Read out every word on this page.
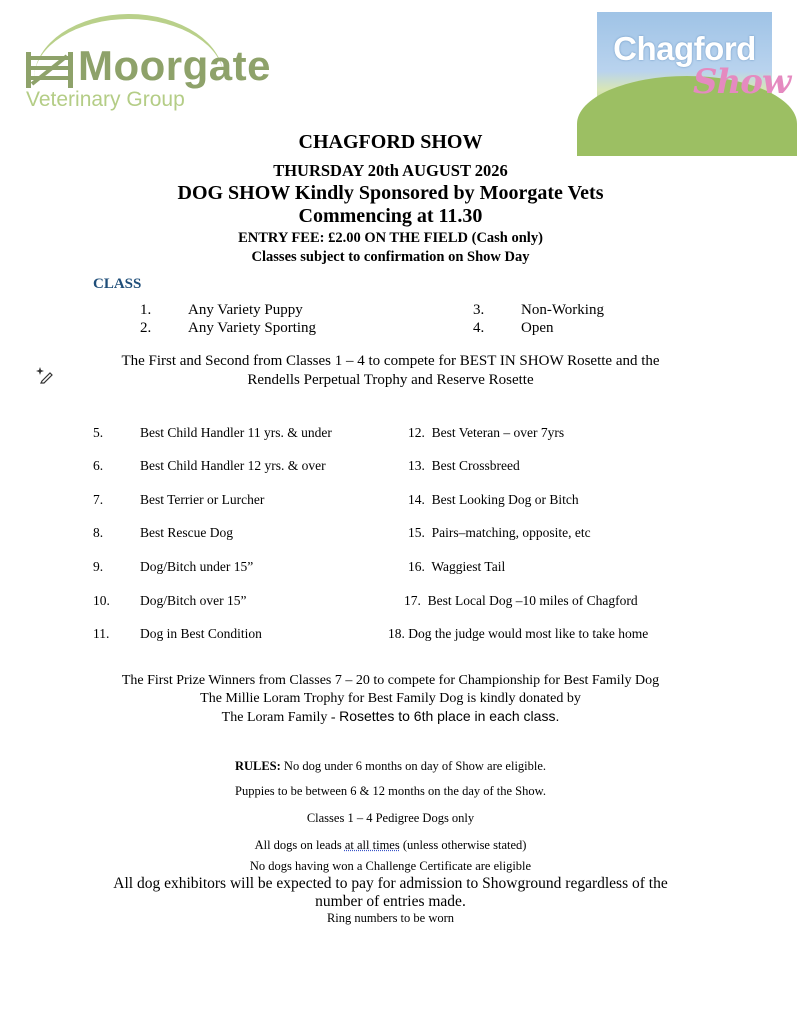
Moorgate
Veterinary Group
Chagford
Show
CHAGFORD SHOW
THURSDAY 20th AUGUST 2026
DOG SHOW Kindly Sponsored by Moorgate Vets
Commencing at 11.30
ENTRY FEE: £2.00 ON THE FIELD (Cash only)
Classes subject to confirmation on Show Day
CLASS
1. Any Variety Puppy
2. Any Variety Sporting
3. Non-Working
4. Open
The First and Second from Classes 1 – 4 to compete for BEST IN SHOW Rosette and the
Rendells Perpetual Trophy and Reserve Rosette
5.	Best Child Handler 11 yrs. & under
6.	Best Child Handler 12 yrs. & over
7.	Best Terrier or Lurcher
8.	Best Rescue Dog
9.	Dog/Bitch under 15”
10. Dog/Bitch over 15”
11. Dog in Best Condition
12.  Best Veteran – over 7yrs
13.  Best Crossbreed
14.  Best Looking Dog or Bitch
15.  Pairs–matching, opposite, etc
16.  Waggiest Tail
17.  Best Local Dog –10 miles of Chagford
18. Dog the judge would most like to take home
The First Prize Winners from Classes 7 – 20 to compete for Championship for Best Family Dog
The Millie Loram Trophy for Best Family Dog is kindly donated by
The Loram Family - Rosettes to 6th place in each class.
RULES: No dog under 6 months on day of Show are eligible.
Puppies to be between 6 & 12 months on the day of the Show.
Classes 1 – 4 Pedigree Dogs only
All dogs on leads at all times (unless otherwise stated)
No dogs having won a Challenge Certificate are eligible
All dog exhibitors will be expected to pay for admission to Showground regardless of the
number of entries made.
Ring numbers to be worn
